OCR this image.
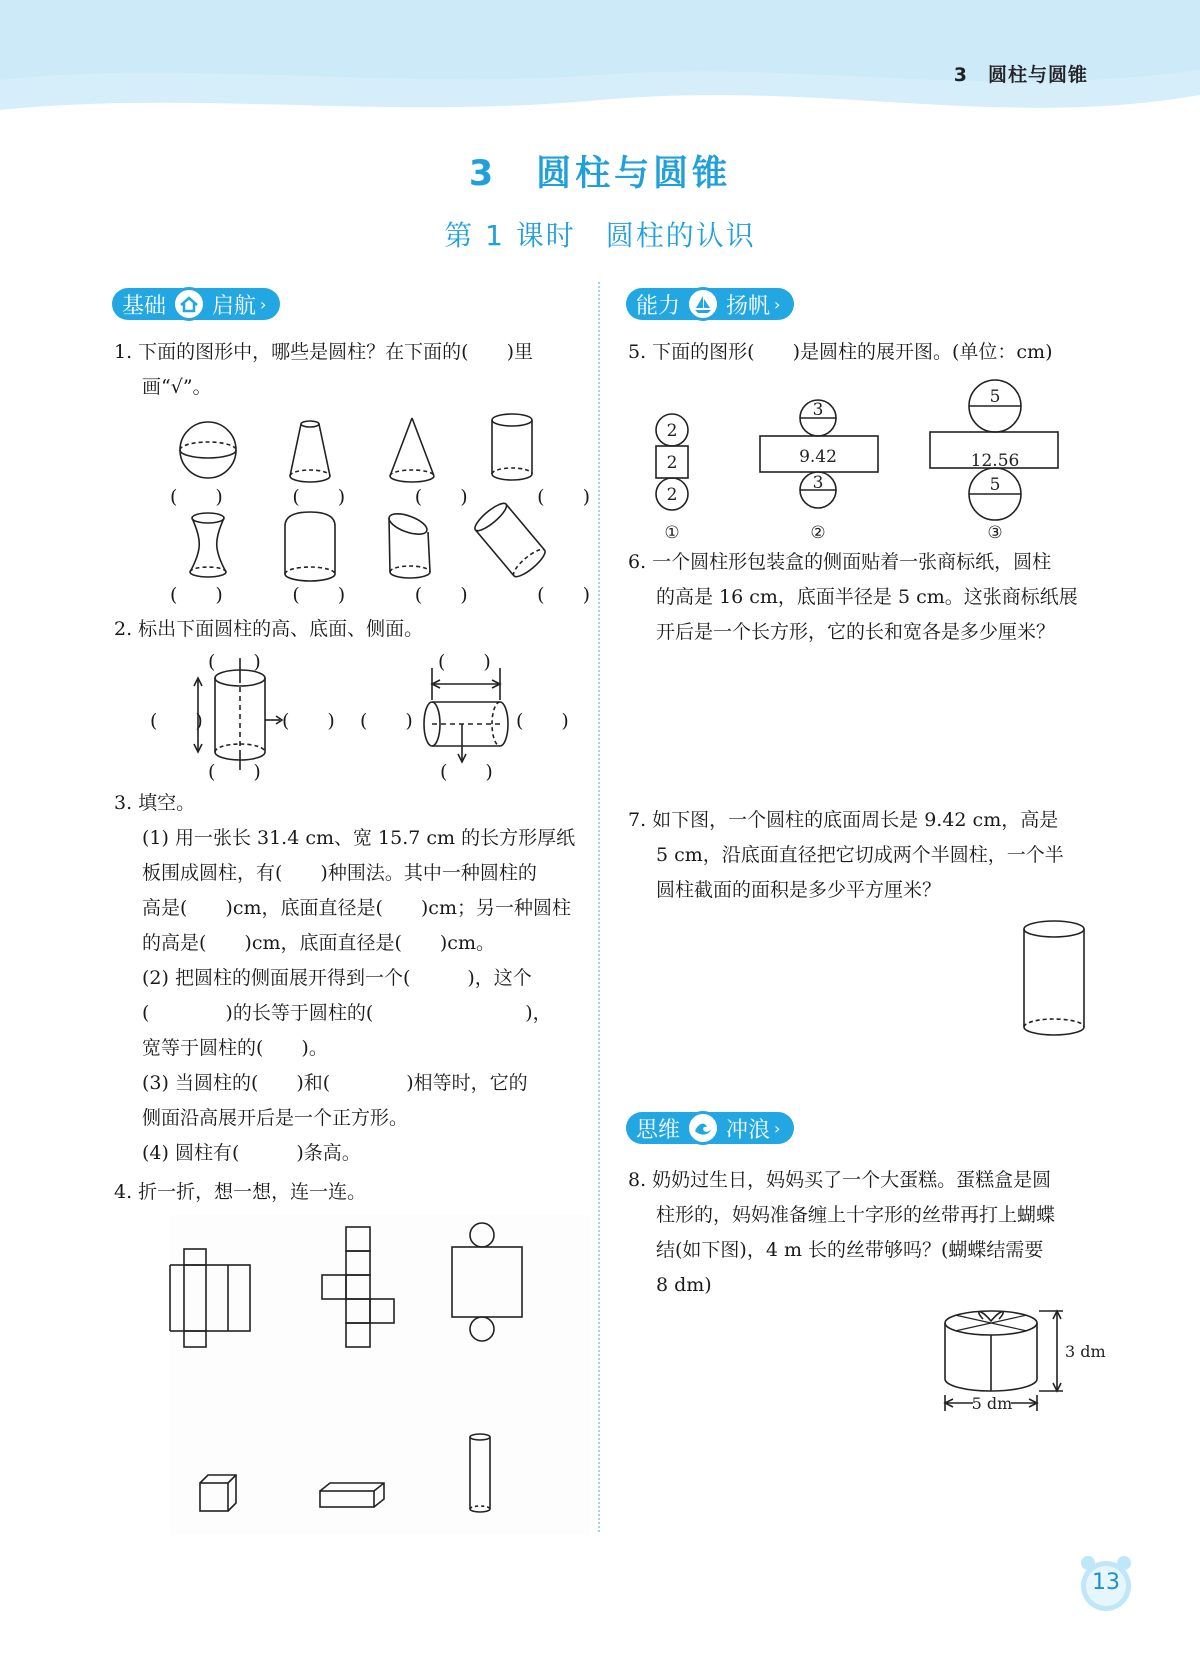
3　圆柱与圆锥
3　圆柱与圆锥
第 1 课时　圆柱的认识
基础 启航 ›	能力 扬帆 ›
思维 冲浪 ›
1. 下面的图形中，哪些是圆柱？在下面的(　　)里
画“√”。
(　　)	(　　)	(　　)	(　　)
(　　)	(　　)	(　　)	(　　)
2. 标出下面圆柱的高、底面、侧面。
(　　)
(　　)	(　　)
(　　)
(　　)
(　　)	(　　)
(　　)
3. 填空。
(1) 用一张长 31.4 cm、宽 15.7 cm 的长方形厚纸
板围成圆柱，有(　　)种围法。其中一种圆柱的
高是(　　)cm，底面直径是(　　)cm；另一种圆柱
的高是(　　)cm，底面直径是(　　)cm。
(2) 把圆柱的侧面展开得到一个(　　　)，这个
(　　　　)的长等于圆柱的(　　　　　　　　)，
宽等于圆柱的(　　)。
(3) 当圆柱的(　　)和(　　　　)相等时，它的
侧面沿高展开后是一个正方形。
(4) 圆柱有(　　　)条高。
4. 折一折，想一想，连一连。
5. 下面的图形(　　)是圆柱的展开图。(单位：cm)
2
2
2
①
3
9.42
3
②
5
12.56
5
③
6. 一个圆柱形包装盒的侧面贴着一张商标纸，圆柱
的高是 16 cm，底面半径是 5 cm。这张商标纸展
开后是一个长方形，它的长和宽各是多少厘米？
7. 如下图，一个圆柱的底面周长是 9.42 cm，高是
5 cm，沿底面直径把它切成两个半圆柱，一个半
圆柱截面的面积是多少平方厘米？
8. 奶奶过生日，妈妈买了一个大蛋糕。蛋糕盒是圆
柱形的，妈妈准备缠上十字形的丝带再打上蝴蝶
结(如下图)，4 m 长的丝带够吗？(蝴蝶结需要
8 dm)
3 dm
5 dm
13
